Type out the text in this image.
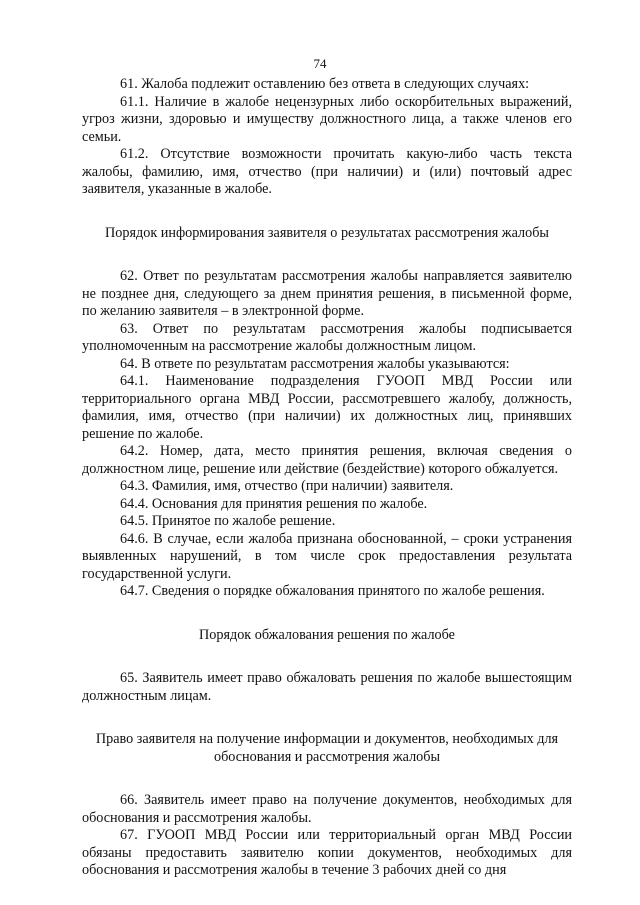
74

61. Жалоба подлежит оставлению без ответа в следующих случаях:

61.1. Наличие в жалобе нецензурных либо оскорбительных выражений, угроз жизни, здоровью и имуществу должностного лица, а также членов его семьи.

61.2. Отсутствие возможности прочитать какую-либо часть текста жалобы, фамилию, имя, отчество (при наличии) и (или) почтовый адрес заявителя, указанные в жалобе.

Порядок информирования заявителя о результатах рассмотрения жалобы

62. Ответ по результатам рассмотрения жалобы направляется заявителю не позднее дня, следующего за днем принятия решения, в письменной форме, по желанию заявителя – в электронной форме.

63. Ответ по результатам рассмотрения жалобы подписывается уполномоченным на рассмотрение жалобы должностным лицом.

64. В ответе по результатам рассмотрения жалобы указываются:

64.1. Наименование подразделения ГУООП МВД России или территориального органа МВД России, рассмотревшего жалобу, должность, фамилия, имя, отчество (при наличии) их должностных лиц, принявших решение по жалобе.

64.2. Номер, дата, место принятия решения, включая сведения о должностном лице, решение или действие (бездействие) которого обжалуется.

64.3. Фамилия, имя, отчество (при наличии) заявителя.

64.4. Основания для принятия решения по жалобе.

64.5. Принятое по жалобе решение.

64.6. В случае, если жалоба признана обоснованной, – сроки устранения выявленных нарушений, в том числе срок предоставления результата государственной услуги.

64.7. Сведения о порядке обжалования принятого по жалобе решения.

Порядок обжалования решения по жалобе

65. Заявитель имеет право обжаловать решения по жалобе вышестоящим должностным лицам.

Право заявителя на получение информации и документов, необходимых для обоснования и рассмотрения жалобы

66. Заявитель имеет право на получение документов, необходимых для обоснования и рассмотрения жалобы.

67. ГУООП МВД России или территориальный орган МВД России обязаны предоставить заявителю копии документов, необходимых для обоснования и рассмотрения жалобы в течение 3 рабочих дней со дня
